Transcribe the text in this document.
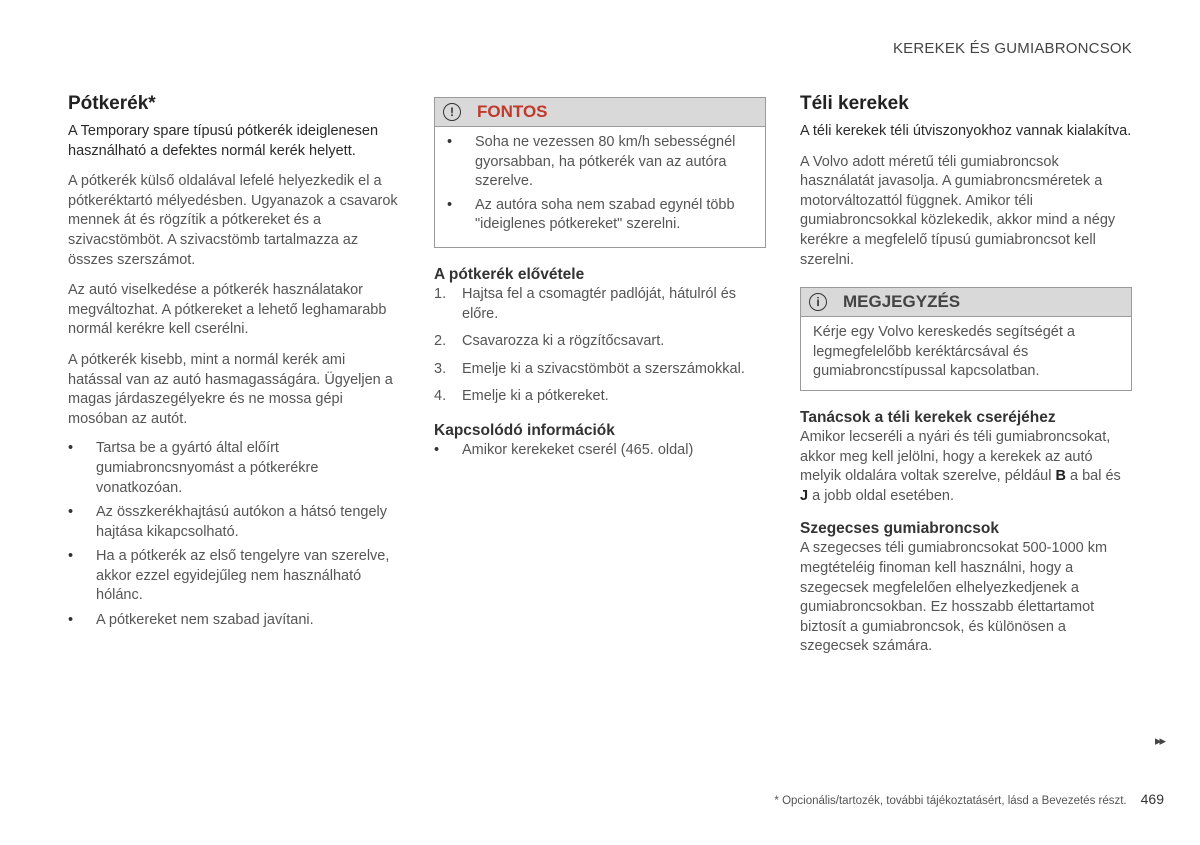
KEREKEK ÉS GUMIABRONCSOK
Pótkerék*

A Temporary spare típusú pótkerék ideiglenesen használható a defektes normál kerék helyett.

A pótkerék külső oldalával lefelé helyezkedik el a pótkeréktartó mélyedésben. Ugyanazok a csavarok mennek át és rögzítik a pótkereket és a szivacstömböt. A szivacstömb tartalmazza az összes szerszámot.

Az autó viselkedése a pótkerék használatakor megváltozhat. A pótkereket a lehető leghamarabb normál kerékre kell cserélni.

A pótkerék kisebb, mint a normál kerék ami hatással van az autó hasmagasságára. Ügyeljen a magas járdaszegélyekre és ne mossa gépi mosóban az autót.

• Tartsa be a gyártó által előírt gumiabroncsnyomást a pótkerékre vonatkozóan.
• Az összkerékhajtású autókon a hátsó tengely hajtása kikapcsolható.
• Ha a pótkerék az első tengelyre van szerelve, akkor ezzel egyidejűleg nem használható hólánc.
• A pótkereket nem szabad javítani.
!	FONTOS
• Soha ne vezessen 80 km/h sebességnél gyorsabban, ha pótkerék van az autóra szerelve.
• Az autóra soha nem szabad egynél több "ideiglenes pótkereket" szerelni.
A pótkerék elővétele
1. Hajtsa fel a csomagtér padlóját, hátulról és előre.
2. Csavarozza ki a rögzítőcsavart.
3. Emelje ki a szivacstömböt a szerszámokkal.
4. Emelje ki a pótkereket.
Kapcsolódó információk
• Amikor kerekeket cserél (465. oldal)
Téli kerekek

A téli kerekek téli útviszonyokhoz vannak kialakítva.

A Volvo adott méretű téli gumiabroncsok használatát javasolja. A gumiabroncsméretek a motorváltozattól függnek. Amikor téli gumiabroncsokkal közlekedik, akkor mind a négy kerékre a megfelelő típusú gumiabroncsot kell szerelni.

i	MEGJEGYZÉS

Kérje egy Volvo kereskedés segítségét a legmegfelelőbb keréktárcsával és gumiabroncstípussal kapcsolatban.

Tanácsok a téli kerekek cseréjéhez

Amikor lecseréli a nyári és téli gumiabroncsokat, akkor meg kell jelölni, hogy a kerekek az autó melyik oldalára voltak szerelve, például B a bal és J a jobb oldal esetében.

Szegecses gumiabroncsok

A szegecses téli gumiabroncsokat 500-1000 km megtételéig finoman kell használni, hogy a szegecsek megfelelően elhelyezkedjenek a gumiabroncsokban. Ez hosszabb élettartamot biztosít a gumiabroncsok, és különösen a szegecsek számára.

▸▸
* Opcionális/tartozék, további tájékoztatásért, lásd a Bevezetés részt. 469
